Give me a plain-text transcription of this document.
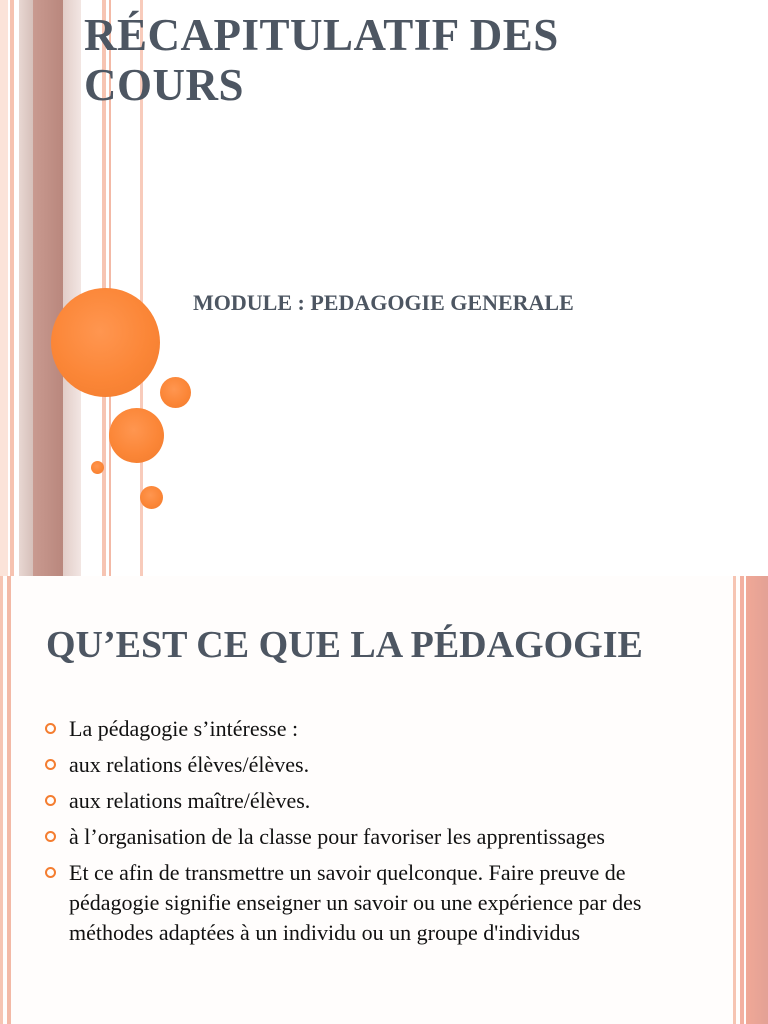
RÉCAPITULATIF DES COURS
MODULE : PEDAGOGIE GENERALE
QU’EST CE QUE LA PÉDAGOGIE
La pédagogie s’intéresse :
aux relations élèves/élèves.
aux relations maître/élèves.
à l’organisation de la classe pour favoriser les apprentissages
Et ce afin de transmettre un savoir quelconque. Faire preuve de pédagogie signifie enseigner un savoir ou une expérience par des méthodes adaptées à un individu ou un groupe d'individus
